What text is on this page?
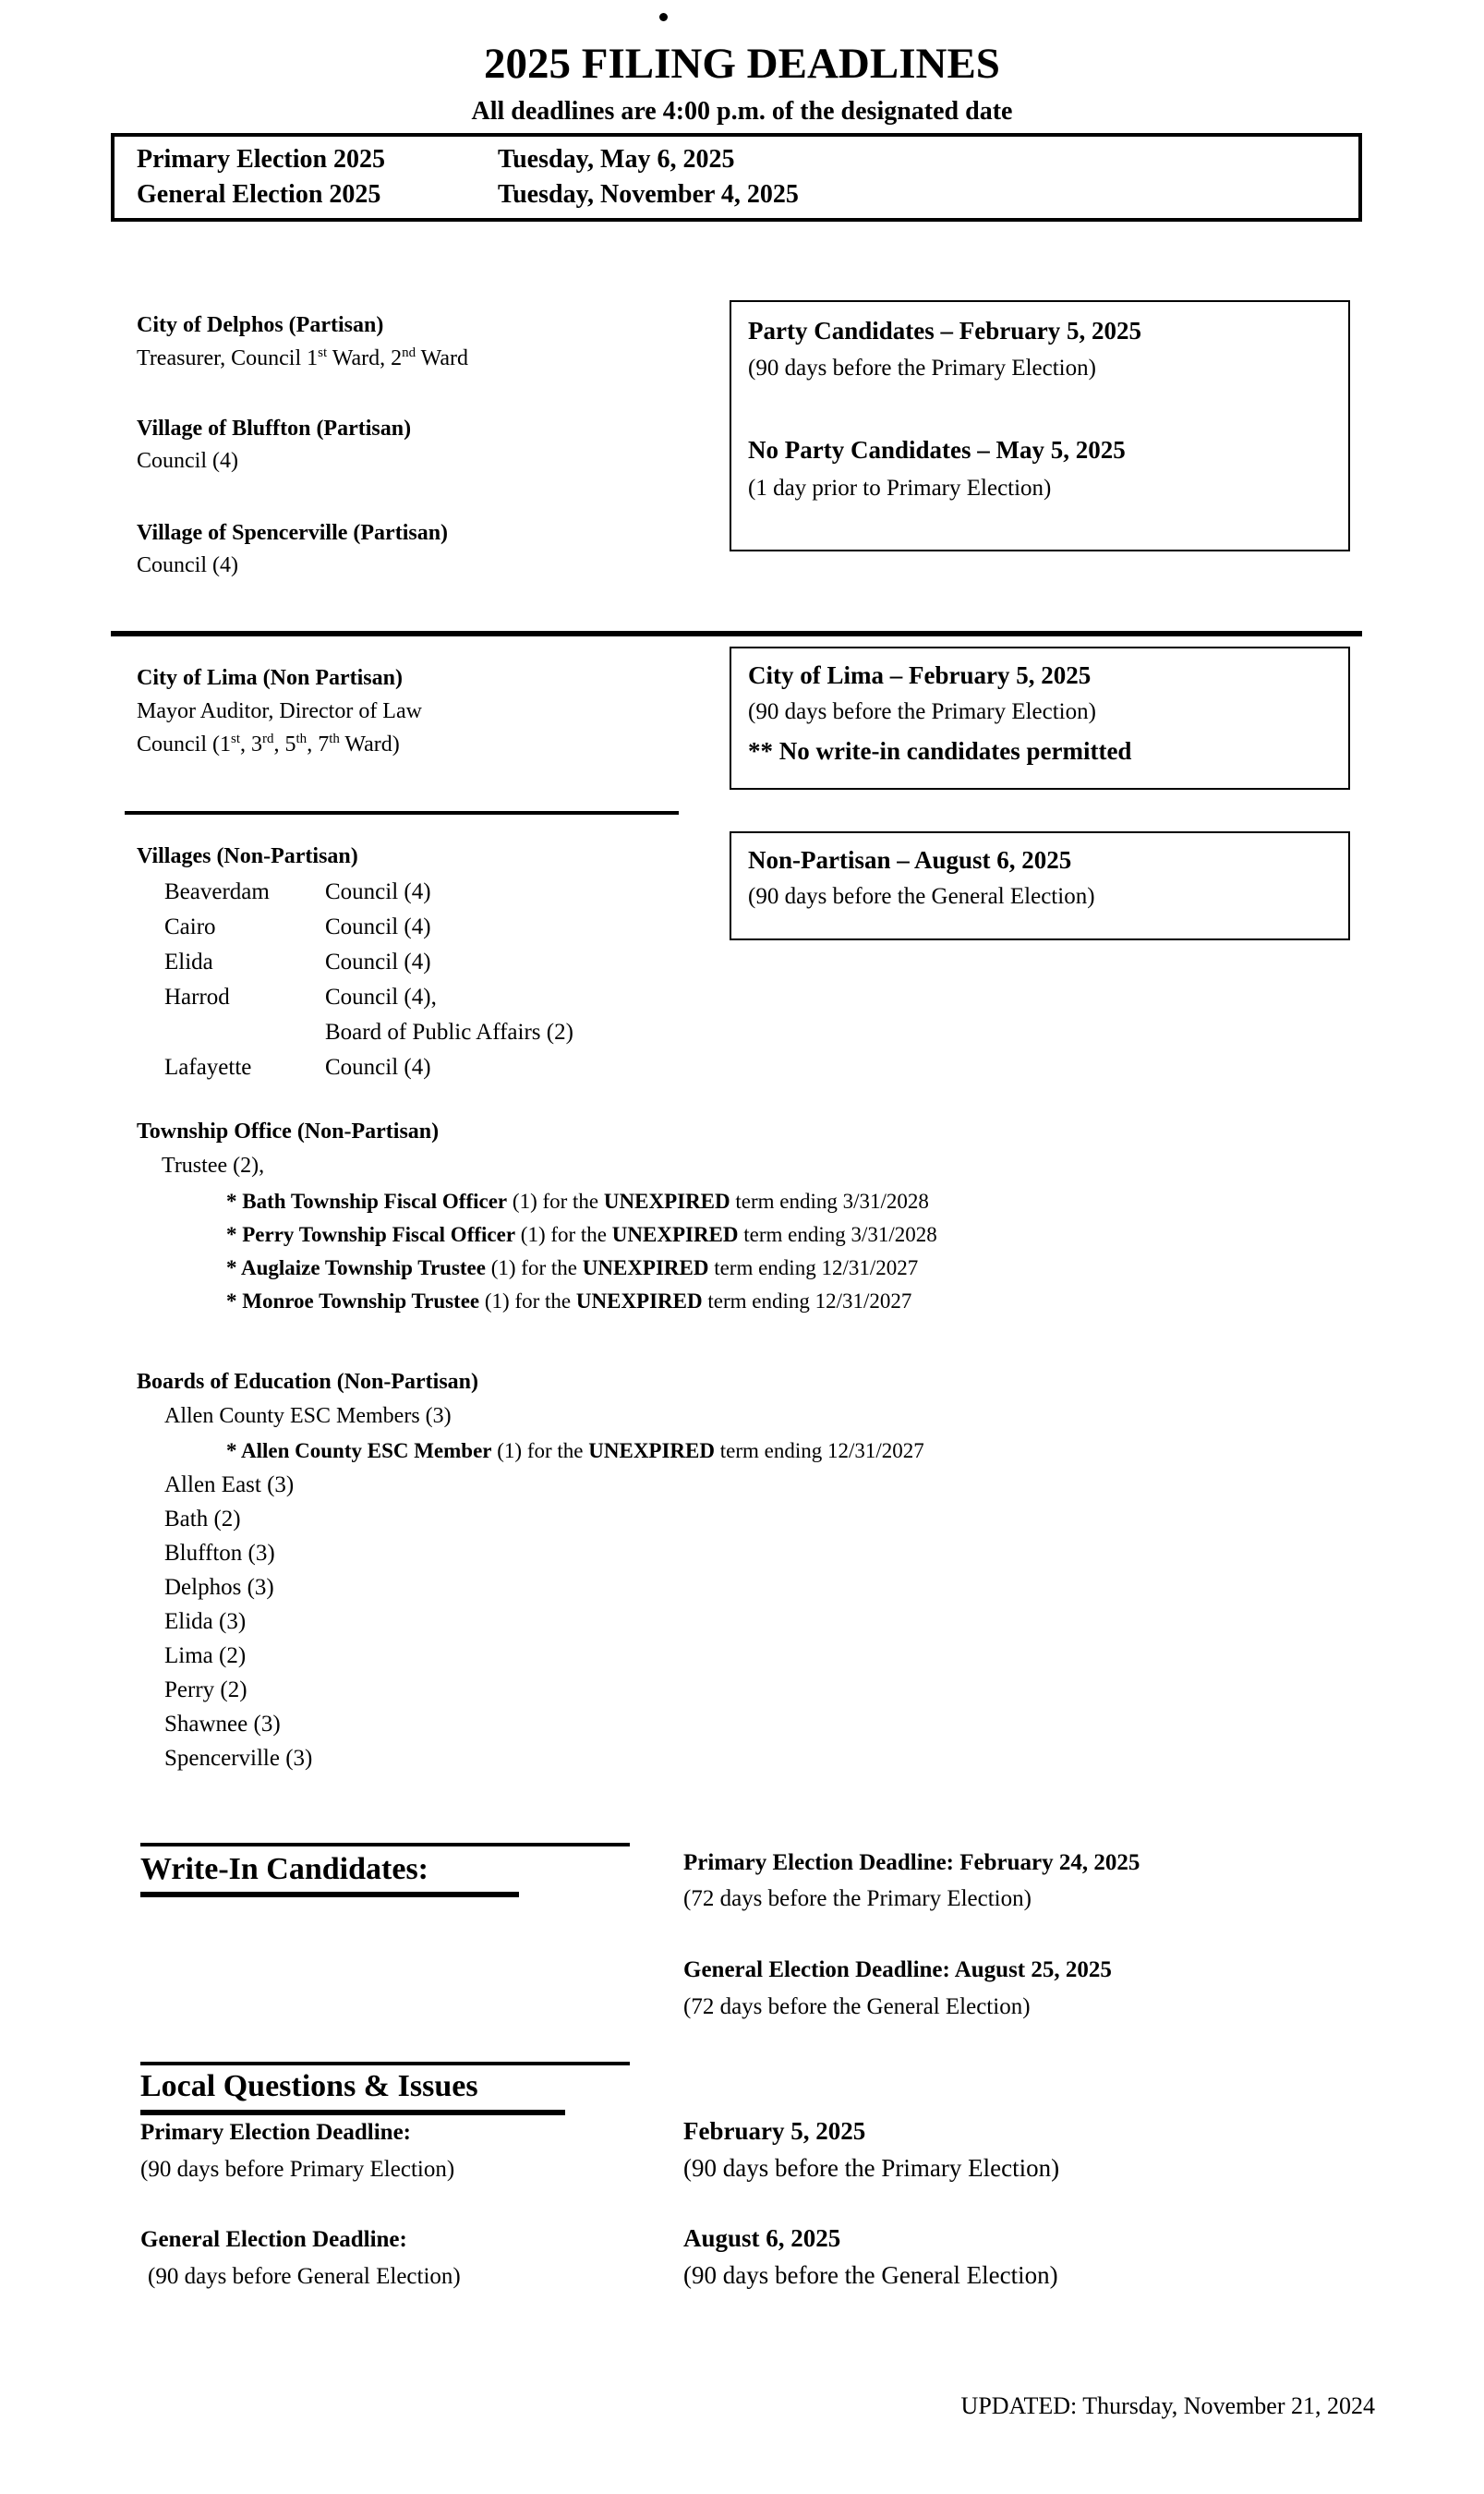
2025 FILING DEADLINES
All deadlines are 4:00 p.m. of the designated date
Primary Election 2025	Tuesday, May 6, 2025
General Election 2025	Tuesday, November 4, 2025
City of Delphos (Partisan)
Treasurer, Council 1st Ward, 2nd Ward
Village of Bluffton (Partisan)
Council (4)
Village of Spencerville (Partisan)
Council (4)
Party Candidates – February 5, 2025
(90 days before the Primary Election)
No Party Candidates – May 5, 2025
(1 day prior to Primary Election)
City of Lima (Non Partisan)
Mayor Auditor, Director of Law
Council (1st, 3rd, 5th, 7th Ward)
City of Lima – February 5, 2025
(90 days before the Primary Election)
** No write-in candidates permitted
Villages (Non-Partisan)
Beaverdam Council (4)
Cairo	Council (4)
Elida	Council (4)
Harrod	Council (4),
Board of Public Affairs (2)
Lafayette	Council (4)
Non-Partisan – August 6, 2025
(90 days before the General Election)
Township Office (Non-Partisan)
Trustee (2),
* Bath Township Fiscal Officer (1) for the UNEXPIRED term ending 3/31/2028
* Perry Township Fiscal Officer (1) for the UNEXPIRED term ending 3/31/2028
* Auglaize Township Trustee (1) for the UNEXPIRED term ending 12/31/2027
* Monroe Township Trustee (1) for the UNEXPIRED term ending 12/31/2027
Boards of Education (Non-Partisan)
Allen County ESC Members (3)
* Allen County ESC Member (1) for the UNEXPIRED term ending 12/31/2027
Allen East (3)
Bath (2)
Bluffton (3)
Delphos (3)
Elida (3)
Lima (2)
Perry (2)
Shawnee (3)
Spencerville (3)
Write-In Candidates:	Primary Election Deadline: February 24, 2025
(72 days before the Primary Election)
General Election Deadline: August 25, 2025
(72 days before the General Election)
Local Questions & Issues
Primary Election Deadline:
(90 days before Primary Election)
February 5, 2025
(90 days before the Primary Election)
General Election Deadline:
(90 days before General Election)
August 6, 2025
(90 days before the General Election)
UPDATED: Thursday, November 21, 2024
